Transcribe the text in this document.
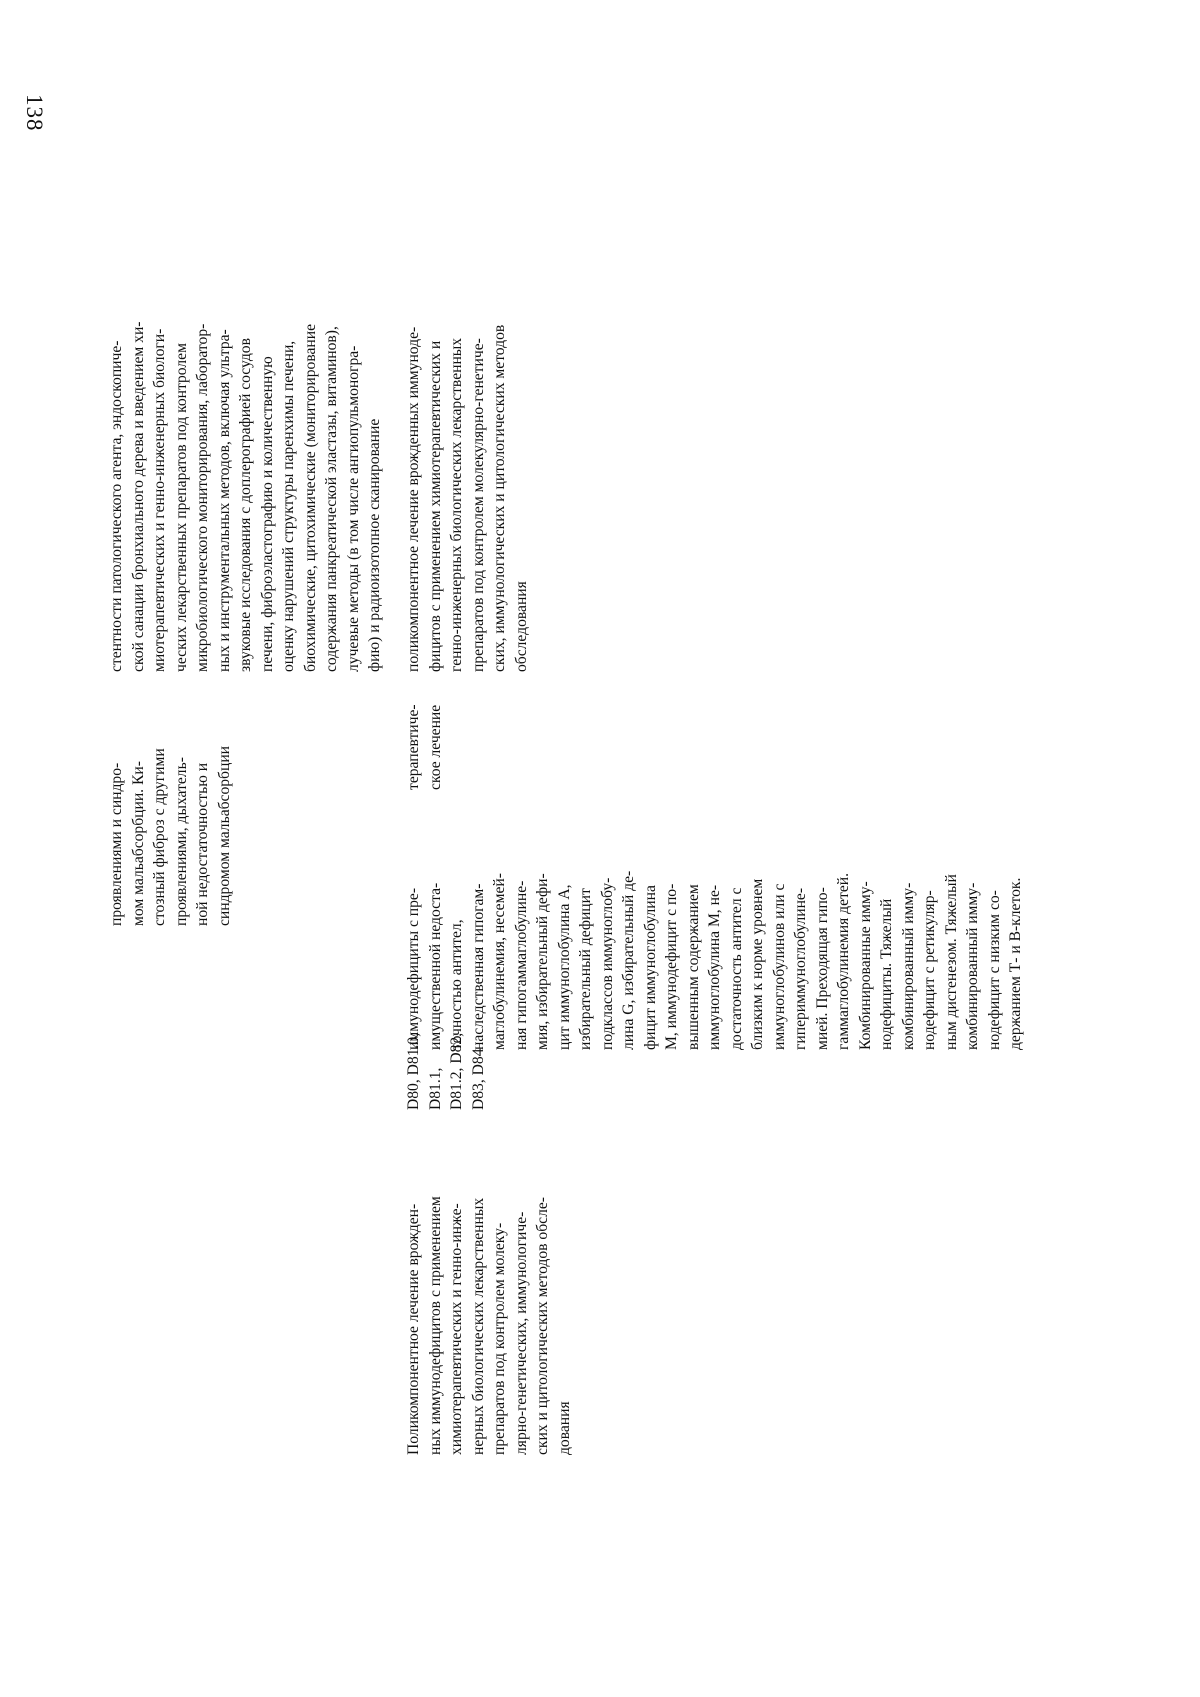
138
проявлениями и синдро- мом мальабсорбции. Ки- стозный фиброз с другими проявлениями, дыхатель- ной недостаточностью и синдромом мальабсорбции
стентности патологического агента, эндоскопиче- ской санации бронхиального дерева и введением хи- миотерапевтических и генно-инженерных биологи- ческих лекарственных препаратов под контролем микробиологического мониторирования, лаборатор- ных и инструментальных методов, включая ультра- звуковые исследования с доплерографией сосудов печени, фиброэластографию и количественную оценку нарушений структуры паренхимы печени, биохимические, цитохимические (мониторирование содержания панкреатической эластазы, витаминов), лучевые методы (в том числе ангиопульмоногра- фию) и радиоизотопное сканирование
Поликомпонентное лечение врожден- ных иммунодефицитов с применением химиотерапевтических и генно-инже- нерных биологических лекарственных препаратов под контролем молеку- лярно-генетических, иммунологиче- ских и цитологических методов обсле- дования
D80, D81.0, D81.1, D81.2, D82, D83, D84
иммунодефициты с пре- имущественной недоста- точностью антител, наследственная гипогам- маглобулинемия, несемей- ная гипогаммаглобулине- мия, избирательный дефи- цит иммуноглобулина A, избирательный дефицит подклассов иммуноглобу- лина G, избирательный де- фицит иммуноглобулина M, иммунодефицит с по- вышенным содержанием иммуноглобулина M, не- достаточность антител с близким к норме уровнем иммуноглобулинов или с гипериммуноглобулине- мией. Преходящая гипо- гаммаглобулинемия детей. Комбинированные имму- нодефициты. Тяжелый комбинированный имму- нодефицит с ретикуляр- ным дисгенезом. Тяжелый комбинированный имму- нодефицит с низким со- держанием Т- и В-клеток.
терапевтиче- ское лечение
поликомпонентное лечение врожденных иммуноде- фицитов с применением химиотерапевтических и генно-инженерных биологических лекарственных препаратов под контролем молекулярно-генетиче- ских, иммунологических и цитологических методов обследования
